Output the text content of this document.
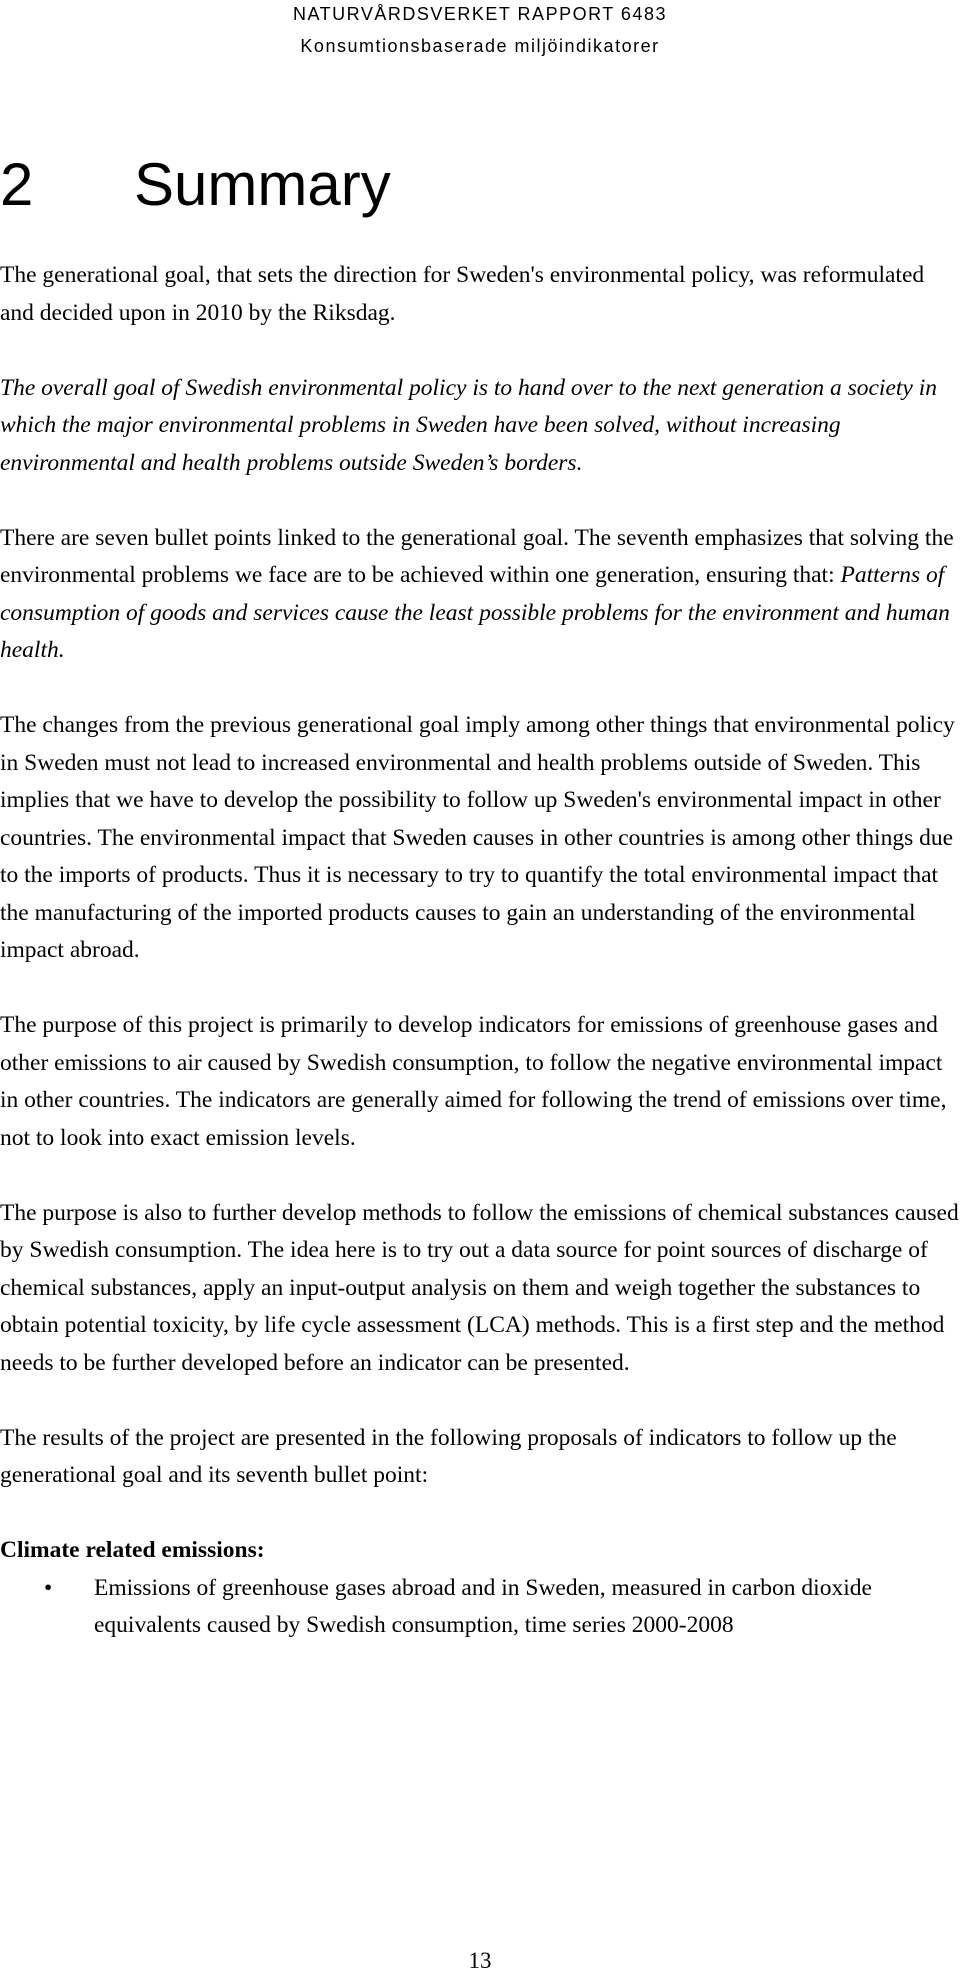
NATURVÅRDSVERKET RAPPORT 6483
Konsumtionsbaserade miljöindikatorer
2 Summary

The generational goal, that sets the direction for Sweden's environmental policy, was reformulated and decided upon in 2010 by the Riksdag.

The overall goal of Swedish environmental policy is to hand over to the next generation a society in which the major environmental problems in Sweden have been solved, without increasing environmental and health problems outside Sweden’s borders.

There are seven bullet points linked to the generational goal. The seventh emphasizes that solving the environmental problems we face are to be achieved within one generation, ensuring that: Patterns of consumption of goods and services cause the least possible problems for the environment and human health.

The changes from the previous generational goal imply among other things that environmental policy in Sweden must not lead to increased environmental and health problems outside of Sweden. This implies that we have to develop the possibility to follow up Sweden's environmental impact in other countries. The environmental impact that Sweden causes in other countries is among other things due to the imports of products. Thus it is necessary to try to quantify the total environmental impact that the manufacturing of the imported products causes to gain an understanding of the environmental impact abroad.

The purpose of this project is primarily to develop indicators for emissions of greenhouse gases and other emissions to air caused by Swedish consumption, to follow the negative environmental impact in other countries. The indicators are generally aimed for following the trend of emissions over time, not to look into exact emission levels.

The purpose is also to further develop methods to follow the emissions of chemical substances caused by Swedish consumption. The idea here is to try out a data source for point sources of discharge of chemical substances, apply an input-output analysis on them and weigh together the substances to obtain potential toxicity, by life cycle assessment (LCA) methods. This is a first step and the method needs to be further developed before an indicator can be presented.

The results of the project are presented in the following proposals of indicators to follow up the generational goal and its seventh bullet point:

Climate related emissions:
• Emissions of greenhouse gases abroad and in Sweden, measured in carbon dioxide equivalents caused by Swedish consumption, time series 2000-2008
13
